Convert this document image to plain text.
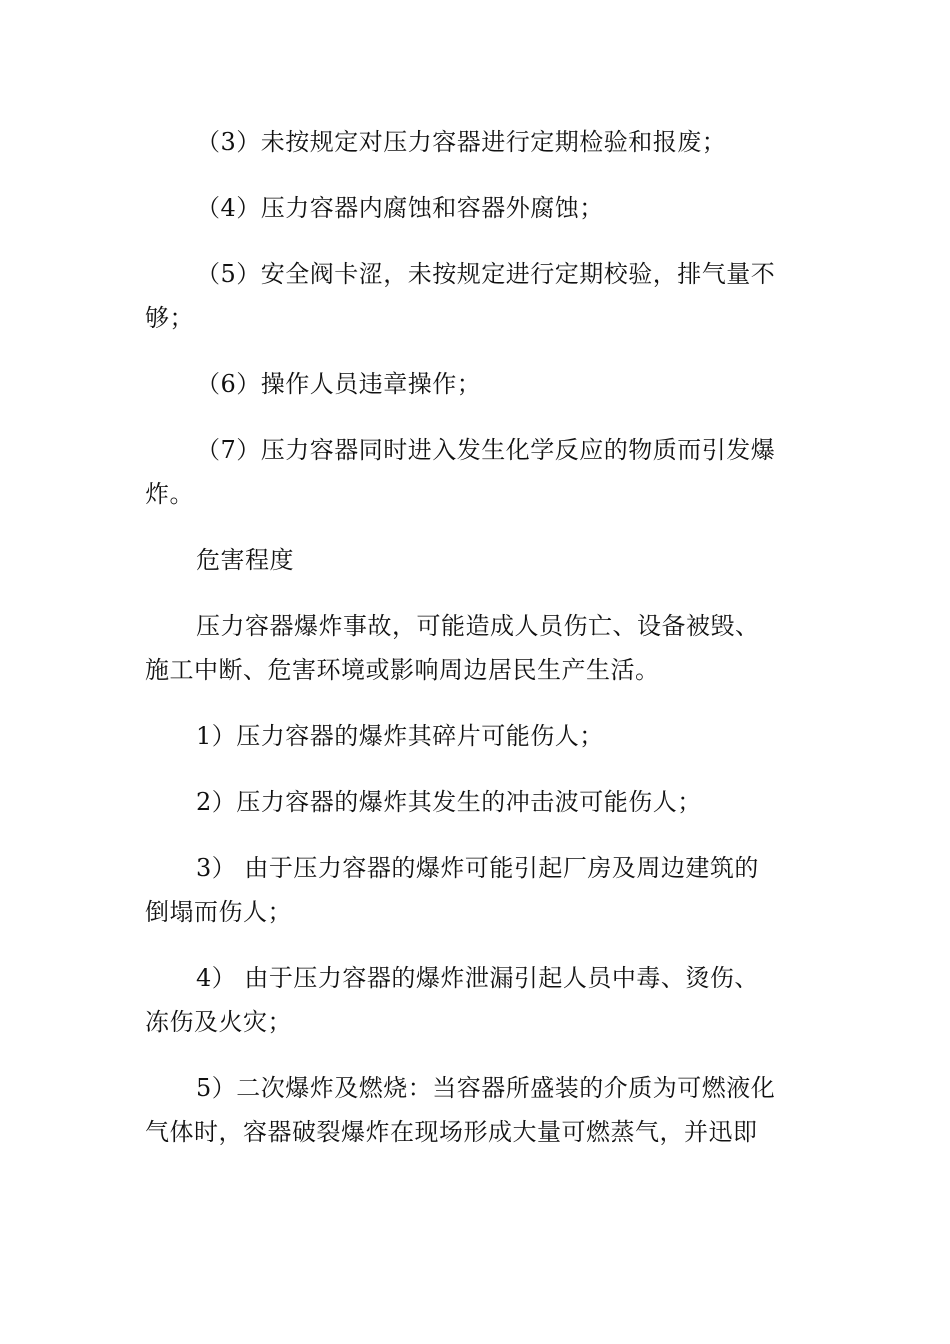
（3）未按规定对压力容器进行定期检验和报废；
（4）压力容器内腐蚀和容器外腐蚀；
（5）安全阀卡涩，未按规定进行定期校验，排气量不
够；
（6）操作人员违章操作；
（7）压力容器同时进入发生化学反应的物质而引发爆
炸。
危害程度
压力容器爆炸事故，可能造成人员伤亡、设备被毁、
施工中断、危害环境或影响周边居民生产生活。
1）压力容器的爆炸其碎片可能伤人；
2）压力容器的爆炸其发生的冲击波可能伤人；
3） 由于压力容器的爆炸可能引起厂房及周边建筑的
倒塌而伤人；
4） 由于压力容器的爆炸泄漏引起人员中毒、烫伤、
冻伤及火灾；
5）二次爆炸及燃烧：当容器所盛装的介质为可燃液化
气体时，容器破裂爆炸在现场形成大量可燃蒸气，并迅即
